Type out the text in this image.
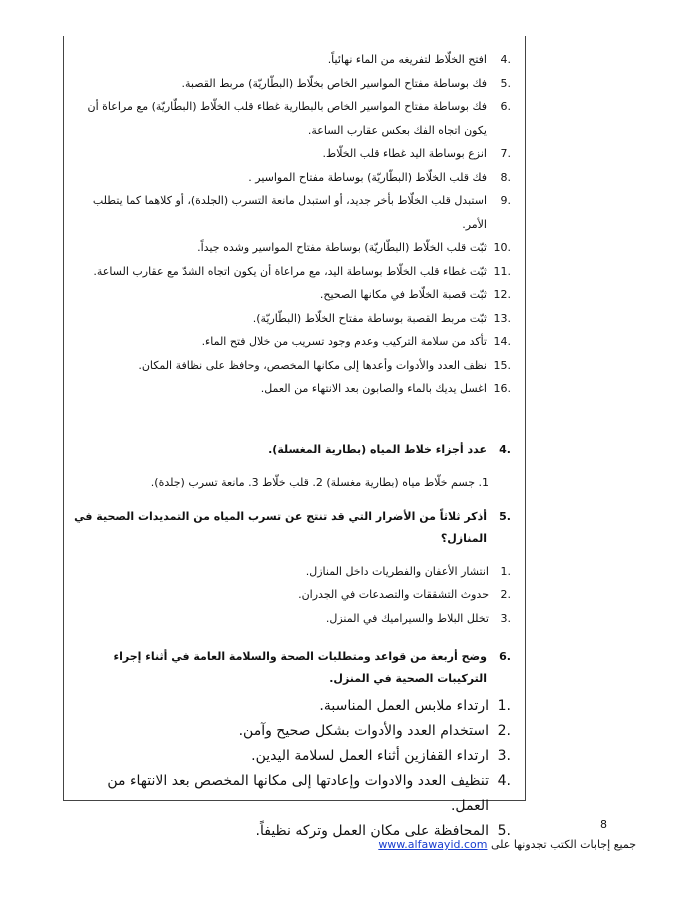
4.
افتح الخلّاط لتفريغه من الماء نهائياً.
5.
فك بوساطة مفتاح المواسير الخاص بخلّاط (البطّاريّة) مربط القصبة.
6.
فك بوساطة مفتاح المواسير الخاص بالبطارية غطاء قلب الخلّاط (البطّاريّة) مع مراعاة أن
يكون اتجاه الفك بعكس عقارب الساعة.
7.
انزع بوساطة اليد غطاء قلب الخلّاط.
8.
فك قلب الخلّاط (البطّاريّة) بوساطة مفتاح المواسير .
9.
استبدل قلب الخلّاط بأخر جديد، أو استبدل مانعة التسرب (الجلدة)، أو كلاهما كما يتطلب
الأمر.
10.
ثبّت قلب الخلّاط (البطّاريّة) بوساطة مفتاح المواسير وشده جيداً.
11.
ثبّت غطاء قلب الخلّاط بوساطة اليد، مع مراعاة أن يكون اتجاه الشدّ مع عقارب الساعة.
12.
ثبّت قصبة الخلّاط في مكانها الصحيح.
13.
ثبّت مربط القصبة بوساطة مفتاح الخلّاط (البطّاريّة).
14.
تأكد من سلامة التركيب وعدم وجود تسريب من خلال فتح الماء.
15.
نظف العدد والأدوات وأعدها إلى مكانها المخصص، وحافظ على نظافة المكان.
16.
اغسل يديك بالماء والصابون بعد الانتهاء من العمل.
4.
عدد أجزاء خلاط المياه (بطارية المغسلة).
1. جسم خلّاط مياه (بطارية مغسلة) 2. قلب خلّاط 3. مانعة تسرب (جلدة).
5.
أذكر ثلاثاً من الأضرار التي قد تنتج عن تسرب المياه من التمديدات الصحية في المنازل؟
1.
انتشار الأعفان والفطريات داخل المنازل.
2.
حدوث التشققات والتصدعات في الجدران.
3.
تخلل البلاط والسيراميك في المنزل.
6.
وضح أربعة من قواعد ومتطلبات الصحة والسلامة العامة في أثناء إجراء التركيبات الصحية في المنزل.
1.
ارتداء ملابس العمل المناسبة.
2.
استخدام العدد والأدوات بشكل صحيح وآمن.
3.
ارتداء القفازين أثناء العمل لسلامة اليدين.
4.
تنظيف العدد والادوات وإعادتها إلى مكانها المخصص بعد الانتهاء من العمل.
5.
المحافظة على مكان العمل وتركه نظيفاً.	8
جميع إجابات الكتب تجدونها على www.alfawayid.com
